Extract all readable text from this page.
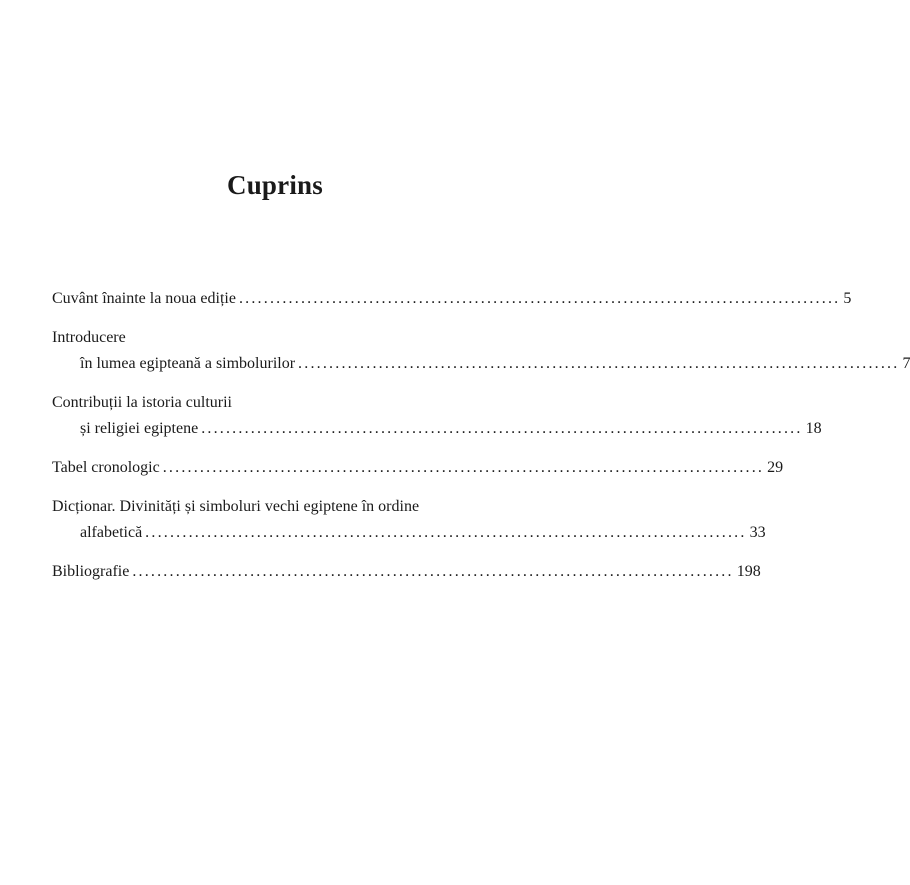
Cuprins
Cuvânt înainte la noua ediție ................................................................................................. 5
Introducere
în lumea egipteană a simbolurilor ................................................................................................. 7
Contribuții la istoria culturii
și religiei egiptene ................................................................................................. 18
Tabel cronologic ................................................................................................. 29
Dicționar. Divinități și simboluri vechi egiptene în ordine
alfabetică ................................................................................................. 33
Bibliografie ................................................................................................. 198
